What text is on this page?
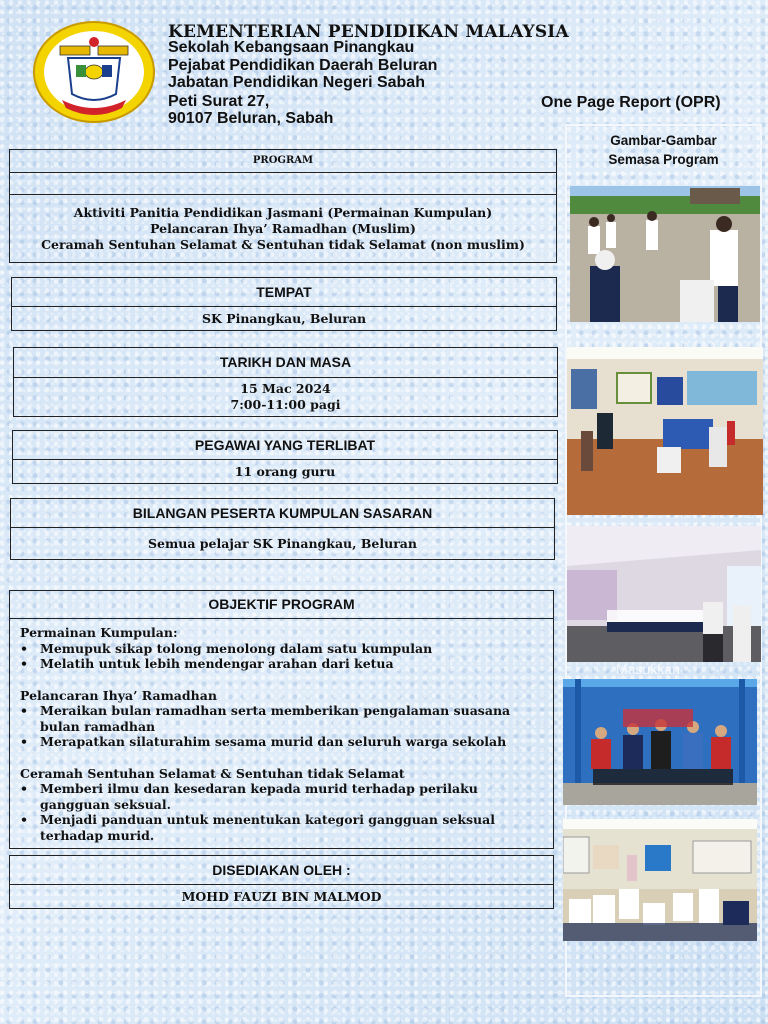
KEMENTERIAN PENDIDIKAN MALAYSIA
Sekolah Kebangsaan Pinangkau
Pejabat Pendidikan Daerah Beluran
Jabatan Pendidikan Negeri Sabah
Peti Surat 27,
90107 Beluran, Sabah
One Page Report (OPR)
PROGRAM
Aktiviti Panitia Pendidikan Jasmani (Permainan Kumpulan)
Pelancaran Ihya’ Ramadhan (Muslim)
Ceramah Sentuhan Selamat & Sentuhan tidak Selamat (non muslim)
TEMPAT
SK Pinangkau, Beluran
TARIKH DAN MASA
15 Mac 2024
7:00-11:00 pagi
PEGAWAI YANG TERLIBAT
11 orang guru
BILANGAN PESERTA KUMPULAN SASARAN
Semua pelajar SK Pinangkau, Beluran
OBJEKTIF PROGRAM
Permainan Kumpulan:
• Memupuk sikap tolong menolong dalam satu kumpulan
• Melatih untuk lebih mendengar arahan dari ketua
Pelancaran Ihya’ Ramadhan
• Meraikan bulan ramadhan serta memberikan pengalaman suasana bulan ramadhan
• Merapatkan silaturahim sesama murid dan seluruh warga sekolah
Ceramah Sentuhan Selamat & Sentuhan tidak Selamat
• Memberi ilmu dan kesedaran kepada murid terhadap perilaku gangguan seksual.
• Menjadi panduan untuk menentukan kategori gangguan seksual terhadap murid.
DISEDIAKAN OLEH :
MOHD FAUZI BIN MALMOD
Gambar-Gambar
Semasa Program
Masukkan
